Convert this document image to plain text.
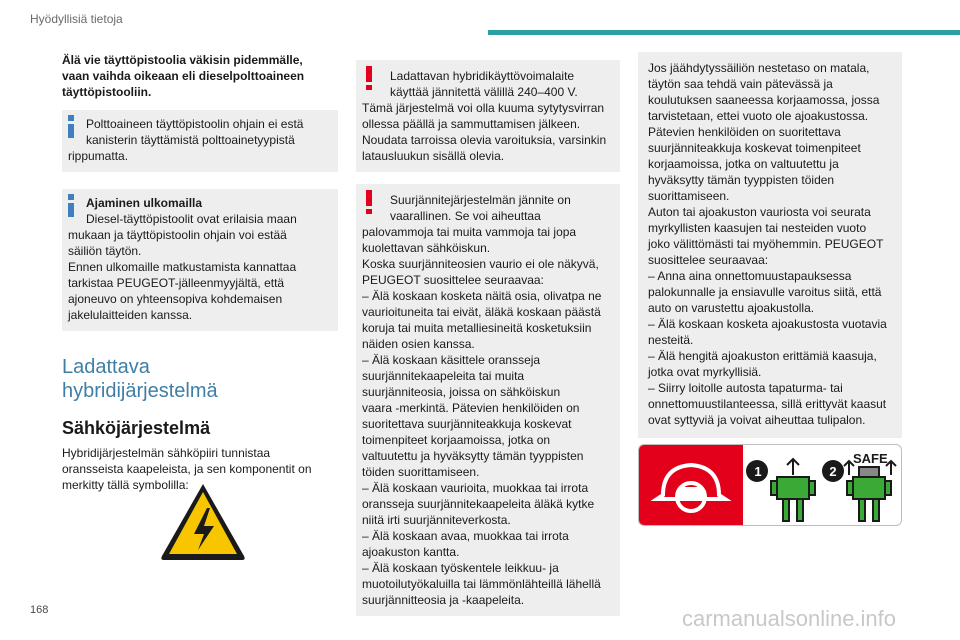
Hyödyllisiä tietoja
Älä vie täyttöpistoolia väkisin pidemmälle,
vaan vaihda oikeaan eli dieselpolttoaineen
täyttöpistooliin.
Polttoaineen täyttöpistoolin ohjain ei estä
kanisterin täyttämistä polttoainetyypistä
rippumatta.
Ajaminen ulkomailla
Diesel-täyttöpistoolit ovat erilaisia maan
mukaan ja täyttöpistoolin ohjain voi estää
säiliön täytön.
Ennen ulkomaille matkustamista kannattaa
tarkistaa PEUGEOT-jälleenmyyjältä, että
ajoneuvo on yhteensopiva kohdemaisen
jakelulaitteiden kanssa.
Ladattava
hybridijärjestelmä
Sähköjärjestelmä
Hybridijärjestelmän sähköpiiri tunnistaa
oransseista kaapeleista, ja sen komponentit on
merkitty tällä symbolilla:
Ladattavan hybridikäyttövoimalaite
käyttää jännitettä välillä 240–400 V.
Tämä järjestelmä voi olla kuuma sytytysvirran
ollessa päällä ja sammuttamisen jälkeen.
Noudata tarroissa olevia varoituksia, varsinkin
latausluukun sisällä olevia.
Suurjännitejärjestelmän jännite on
vaarallinen. Se voi aiheuttaa
palovammoja tai muita vammoja tai jopa
kuolettavan sähköiskun.
Koska suurjänniteosien vaurio ei ole näkyvä,
PEUGEOT suosittelee seuraavaa:
– Älä koskaan kosketa näitä osia, olivatpa ne
vaurioituneita tai eivät, äläkä koskaan päästä
koruja tai muita metalliesineitä kosketuksiin
näiden osien kanssa.
– Älä koskaan käsittele oransseja
suurjännitekaapeleita tai muita
suurjänniteosia, joissa on sähköiskun
vaara -merkintä. Pätevien henkilöiden on
suoritettava suurjänniteakkuja koskevat
toimenpiteet korjaamoissa, jotka on
valtuutettu ja hyväksytty tämän tyyppisten
töiden suorittamiseen.
– Älä koskaan vaurioita, muokkaa tai irrota
oransseja suurjännitekaapeleita äläkä kytke
niitä irti suurjänniteverkosta.
– Älä koskaan avaa, muokkaa tai irrota
ajoakuston kantta.
– Älä koskaan työskentele leikkuu- ja
muotoilutyökaluilla tai lämmönlähteillä lähellä
suurjännitteosia ja -kaapeleita.
Jos jäähdytyssäiliön nestetaso on matala,
täytön saa tehdä vain pätevässä ja
koulutuksen saaneessa korjaamossa, jossa
tarvistetaan, ettei vuoto ole ajoakustossa.
Pätevien henkilöiden on suoritettava
suurjänniteakkuja koskevat toimenpiteet
korjaamoissa, jotka on valtuutettu ja
hyväksytty tämän tyyppisten töiden
suorittamiseen.
Auton tai ajoakuston vauriosta voi seurata
myrkyllisten kaasujen tai nesteiden vuoto
joko välittömästi tai myöhemmin. PEUGEOT
suosittelee seuraavaa:
– Anna aina onnettomuustapauksessa
palokunnalle ja ensiavulle varoitus siitä, että
auto on varustettu ajoakustolla.
– Älä koskaan kosketa ajoakustosta vuotavia
nesteitä.
– Älä hengitä ajoakuston erittämiä kaasuja,
jotka ovat myrkyllisiä.
– Siirry loitolle autosta tapaturma- tai
onnettomuustilanteessa, sillä erittyvät kaasut
ovat syttyviä ja voivat aiheuttaa tulipalon.
1	2
SAFE
168	carmanualsonline.info
